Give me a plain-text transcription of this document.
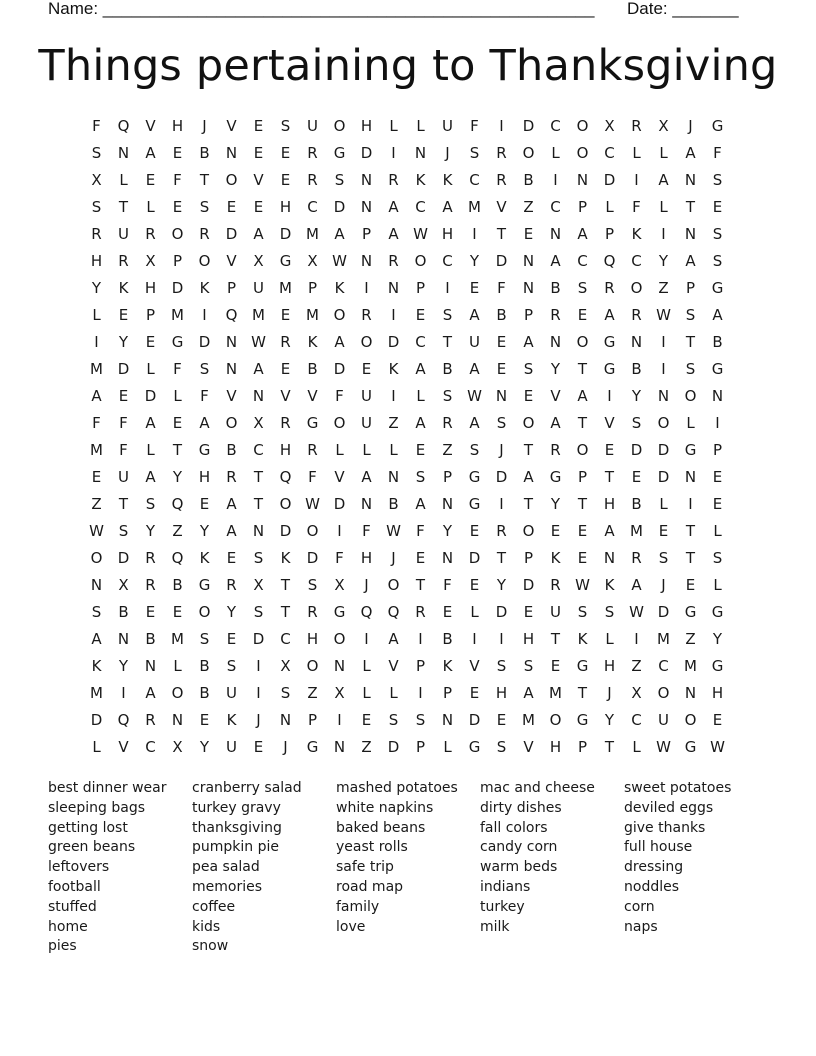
Name: ____________________________________________________ Date: _______
Things pertaining to Thanksgiving
F	Q	V	H	J	V	E	S	U	O	H	L	L	U	F	I	D	C	O	X	R	X	J	G
S	N	A	E	B	N	E	E	R	G	D	I	N	J	S	R	O	L	O	C	L	L	A	F
X	L	E	F	T	O	V	E	R	S	N	R	K	K	C	R	B	I	N	D	I	A	N	S
S	T	L	E	S	E	E	H	C	D	N	A	C	A	M	V	Z	C	P	L	F	L	T	E
R	U	R	O	R	D	A	D M	A	P	A W H	I	T	E	N	A	P	K	I	N	S
H	R	X	P	O	V	X	G	X W N	R	O	C	Y	D	N	A	C	Q	C	Y	A	S
Y	K	H	D	K	P	U	M	P	K	I	N	P	I	E	F	N	B	S	R	O	Z	P	G
L	E	P	M	I	Q M	E	M O	R	I	E	S	A	B	P	R	E	A	R W S	A
I	Y	E	G	D	N W R	K	A	O	D	C	T	U	E	A	N	O	G	N	I	T	B
M D	L	F	S	N	A	E	B	D	E	K	A	B	A	E	S	Y	T	G	B	I	S	G
A	E	D	L	F	V	N	V	V	F	U	I	L	S W N	E	V	A	I	Y	N	O	N
F	F	A	E	A	O	X	R	G	O	U	Z	A	R	A	S	O	A	T	V	S	O	L	I
M	F	L	T	G	B	C	H	R	L	L	L	E	Z	S	J	T	R	O	E	D	D	G	P
E	U	A	Y	H	R	T	Q	F	V	A	N	S	P	G	D	A	G	P	T	E	D	N	E
Z	T	S	Q	E	A	T	O W D	N	B	A	N	G	I	T	Y	T	H	B	L	I	E
W S	Y	Z	Y	A	N	D	O	I	F	W	F	Y	E	R	O	E	E	A	M	E	T	L
O	D	R	Q	K	E	S	K	D	F	H	J	E	N	D	T	P	K	E	N	R	S	T	S
N	X	R	B	G	R	X	T	S	X	J	O	T	F	E	Y	D	R W K	A	J	E	L
S	B	E	E	O	Y	S	T	R	G	Q	Q	R	E	L	D	E	U	S	S W D	G	G
A	N	B	M	S	E	D	C	H	O	I	A	I	B	I	I	H	T	K	L	I	M	Z	Y
K	Y	N	L	B	S	I	X	O	N	L	V	P	K	V	S	S	E	G	H	Z	C	M G
M	I	A	O	B	U	I	S	Z	X	L	L	I	P	E	H	A	M	T	J	X	O	N	H
D	Q	R	N	E	K	J	N	P	I	E	S	S	N	D	E	M O	G	Y	C	U	O	E
L	V	C	X	Y	U	E	J	G	N	Z	D	P	L	G	S	V	H	P	T	L	W G W
best dinner wear
sleeping bags
getting lost
green beans
leftovers
football
stuffed
home
pies
cranberry salad
turkey gravy
thanksgiving
pumpkin pie
pea salad
memories
coffee
kids
snow
mashed potatoes
white napkins
baked beans
yeast rolls
safe trip
road map
family
love
mac and cheese
dirty dishes
fall colors
candy corn
warm beds
indians
turkey
milk
sweet potatoes
deviled eggs
give thanks
full house
dressing
noddles
corn
naps
